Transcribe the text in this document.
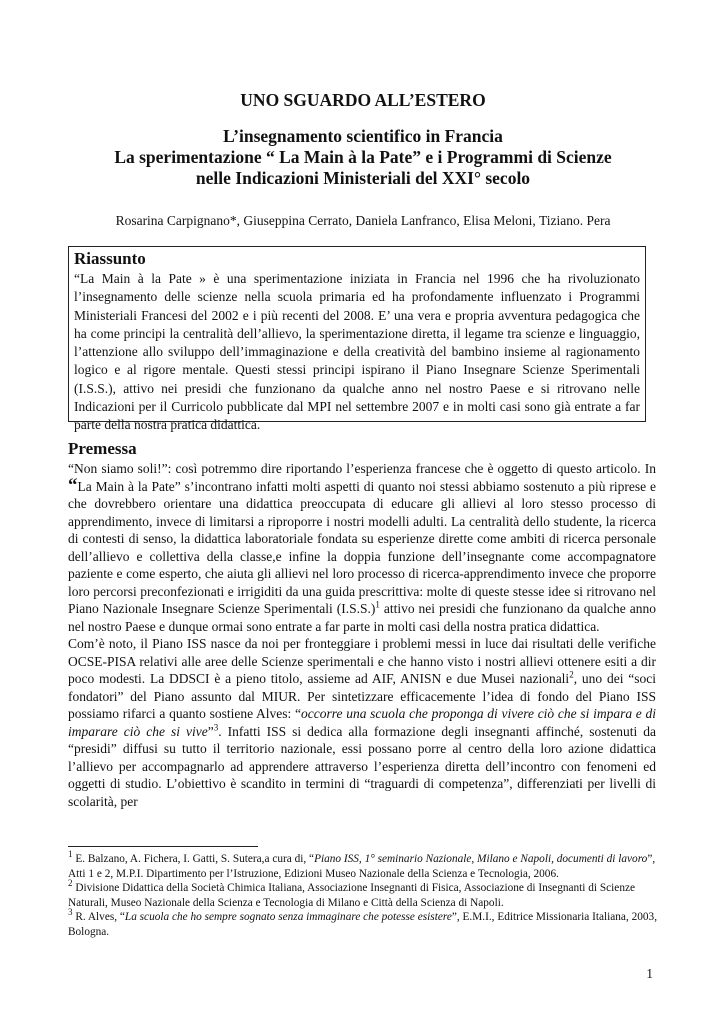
UNO SGUARDO ALL’ESTERO
L’insegnamento scientifico in Francia
La sperimentazione “ La Main à la Pate” e i Programmi di Scienze
nelle Indicazioni Ministeriali del XXI° secolo

Rosarina Carpignano*, Giuseppina Cerrato, Daniela Lanfranco, Elisa Meloni, Tiziano. Pera

Riassunto

“La Main à la Pate » è una sperimentazione iniziata in Francia nel 1996 che ha rivoluzionato l’insegnamento delle scienze nella scuola primaria ed ha profondamente influenzato i Programmi Ministeriali Francesi del 2002 e i più recenti del 2008. E’ una vera e propria avventura pedagogica che ha come principi la centralità dell’allievo, la sperimentazione diretta, il legame tra scienze e linguaggio, l’attenzione allo sviluppo dell’immaginazione e della creatività del bambino insieme al ragionamento logico e al rigore mentale. Questi stessi principi ispirano il Piano Insegnare Scienze Sperimentali (I.S.S.), attivo nei presidi che funzionano da qualche anno nel nostro Paese e si ritrovano nelle Indicazioni per il Curricolo pubblicate dal MPI nel settembre 2007 e in molti casi sono già entrate a far parte della nostra pratica didattica.

Premessa
“Non siamo soli!”: così potremmo dire riportando l’esperienza francese che è oggetto di questo articolo. In “La Main à la Pate” s’incontrano infatti molti aspetti di quanto noi stessi abbiamo sostenuto a più riprese e che dovrebbero orientare una didattica preoccupata di educare gli allievi al loro stesso processo di apprendimento, invece di limitarsi a riproporre i nostri modelli adulti. La centralità dello studente, la ricerca di contesti di senso, la didattica laboratoriale fondata su esperienze dirette come ambiti di ricerca personale dell’allievo e collettiva della classe,e infine la doppia funzione dell’insegnante come accompagnatore paziente e come esperto, che aiuta gli allievi nel loro processo di ricerca-apprendimento invece che proporre loro percorsi preconfezionati e irrigiditi da una guida prescrittiva: molte di queste stesse idee si ritrovano nel Piano Nazionale Insegnare Scienze Sperimentali $(I.S.S.)^1$ attivo nei presidi che funzionano da qualche anno nel nostro Paese e dunque ormai sono entrate a far parte in molti casi della nostra pratica didattica.
Com’è noto, il Piano ISS nasce da noi per fronteggiare i problemi messi in luce dai risultati delle verifiche OCSE-PISA relativi alle aree delle Scienze sperimentali e che hanno visto i nostri allievi ottenere esiti a dir poco modesti. La DDSCI è a pieno titolo, assieme ad AIF, ANISN e due Musei nazionali$^2$, uno dei “soci fondatori” del Piano assunto dal MIUR. Per sintetizzare efficacemente l’idea di fondo del Piano ISS possiamo rifarci a quanto sostiene Alves: “occorre una scuola che proponga di vivere ciò che si impara e di imparare ciò che si vive”$^3$. Infatti ISS si dedica alla formazione degli insegnanti affinché, sostenuti da “presidi” diffusi su tutto il territorio nazionale, essi possano porre al centro della loro azione didattica l’allievo per accompagnarlo ad apprendere attraverso l’esperienza diretta dell’incontro con fenomeni ed oggetti di studio. L’obiettivo è scandito in termini di “traguardi di competenza”, differenziati per livelli di scolarità, per
$^1$ E. Balzano, A. Fichera, I. Gatti, S. Sutera,a cura di, “Piano ISS, 1° seminario Nazionale, Milano e Napoli, documenti di lavoro”, Atti 1 e 2, M.P.I. Dipartimento per l’Istruzione, Edizioni Museo Nazionale della Scienza e Tecnologia, 2006.
$^2$ Divisione Didattica della Società Chimica Italiana, Associazione Insegnanti di Fisica, Associazione di Insegnanti di Scienze Naturali, Museo Nazionale della Scienza e Tecnologia di Milano e Città della Scienza di Napoli.
$^3$ R. Alves, “La scuola che ho sempre sognato senza immaginare che potesse esistere”, E.M.I., Editrice Missionaria Italiana, 2003, Bologna.
1
